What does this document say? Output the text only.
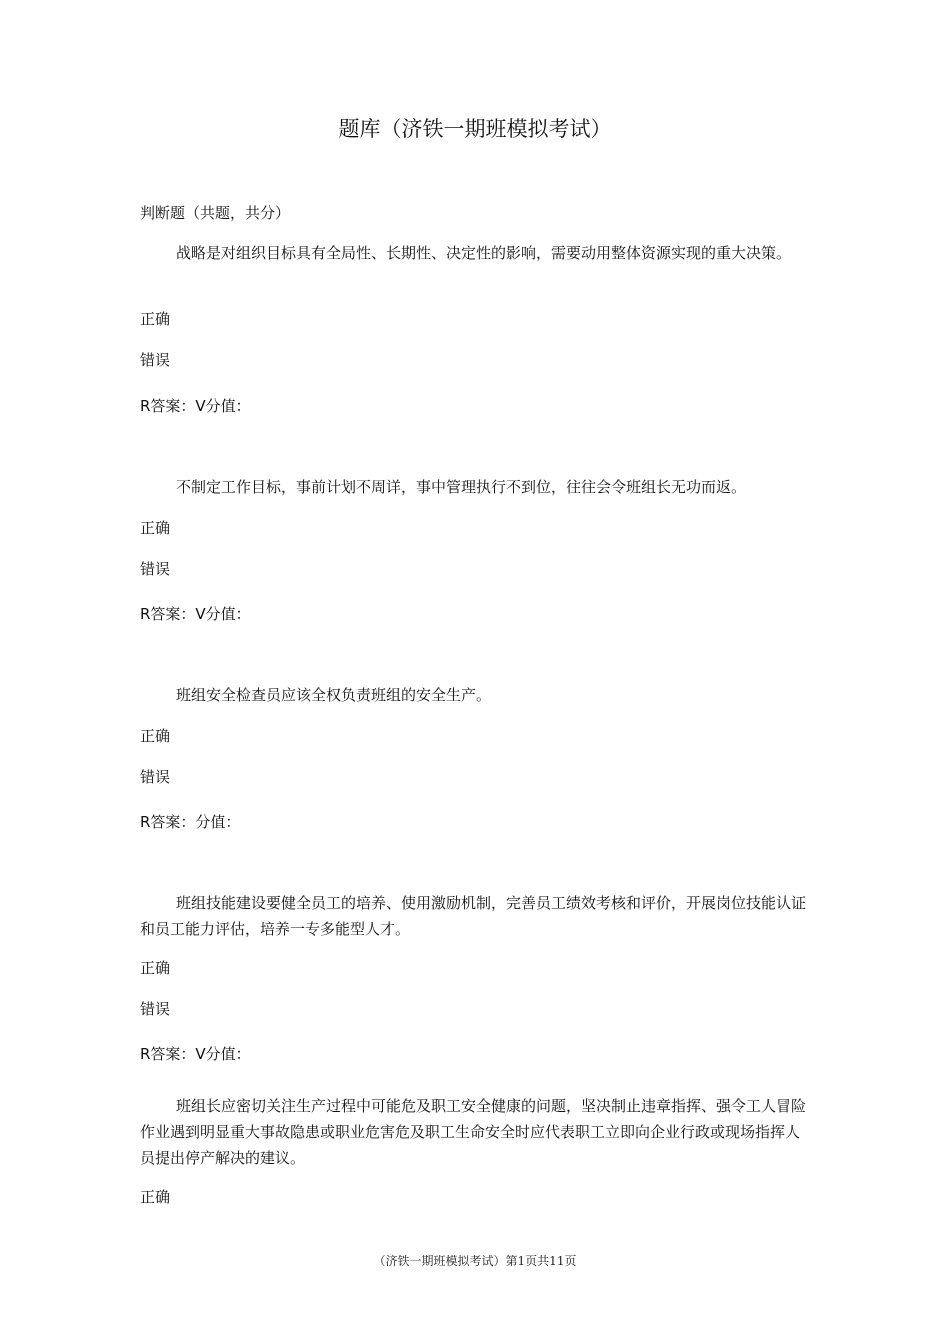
题库（济铁一期班模拟考试）
判断题（共题，共分）
战略是对组织目标具有全局性、长期性、决定性的影响，需要动用整体资源实现的重大决策。
正确
错误
R答案：V分值：
不制定工作目标，事前计划不周详，事中管理执行不到位，往往会令班组长无功而返。
正确
错误
R答案：V分值：
班组安全检查员应该全权负责班组的安全生产。
正确
错误
R答案：分值：
班组技能建设要健全员工的培养、使用激励机制，完善员工绩效考核和评价，开展岗位技能认证和员工能力评估，培养一专多能型人才。
正确
错误
R答案：V分值：
班组长应密切关注生产过程中可能危及职工安全健康的问题，坚决制止违章指挥、强令工人冒险作业遇到明显重大事故隐患或职业危害危及职工生命安全时应代表职工立即向企业行政或现场指挥人员提出停产解决的建议。
正确
（济铁一期班模拟考试）第1页共11页
